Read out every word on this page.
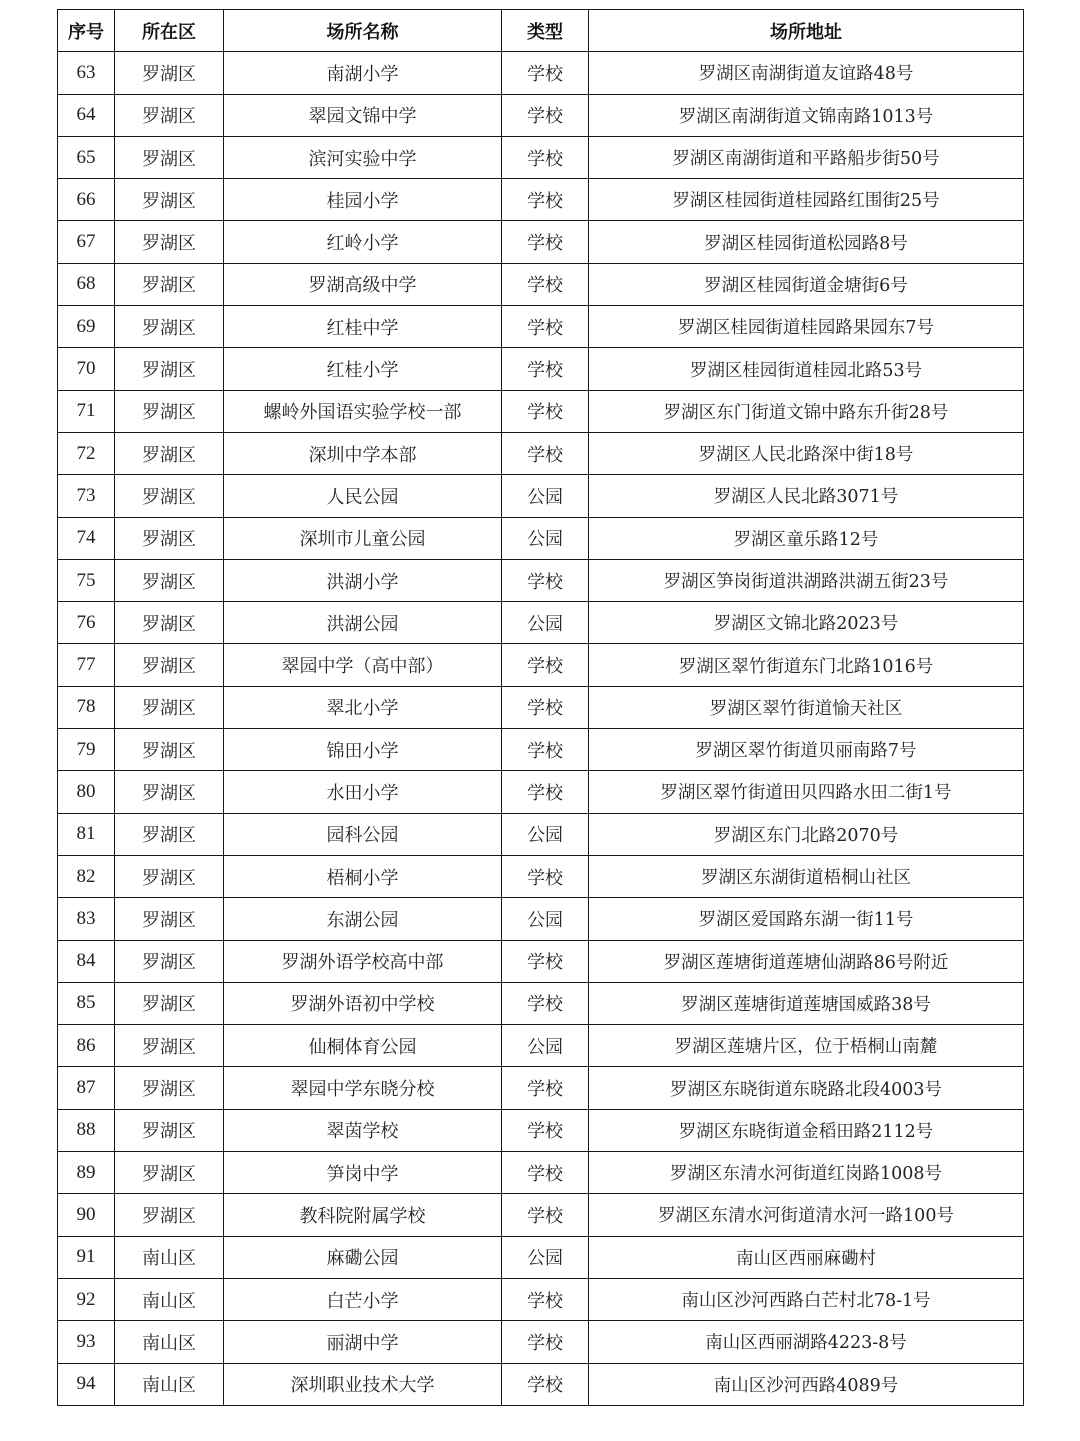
序号	所在区	场所名称	类型	场所地址
63	罗湖区	南湖小学	学校	罗湖区南湖街道友谊路48号
64	罗湖区	翠园文锦中学	学校	罗湖区南湖街道文锦南路1013号
65	罗湖区	滨河实验中学	学校	罗湖区南湖街道和平路船步街50号
66	罗湖区	桂园小学	学校	罗湖区桂园街道桂园路红围街25号
67	罗湖区	红岭小学	学校	罗湖区桂园街道松园路8号
68	罗湖区	罗湖高级中学	学校	罗湖区桂园街道金塘街6号
69	罗湖区	红桂中学	学校	罗湖区桂园街道桂园路果园东7号
70	罗湖区	红桂小学	学校	罗湖区桂园街道桂园北路53号
71	罗湖区	螺岭外国语实验学校一部	学校	罗湖区东门街道文锦中路东升街28号
72	罗湖区	深圳中学本部	学校	罗湖区人民北路深中街18号
73	罗湖区	人民公园	公园	罗湖区人民北路3071号
74	罗湖区	深圳市儿童公园	公园	罗湖区童乐路12号
75	罗湖区	洪湖小学	学校	罗湖区笋岗街道洪湖路洪湖五街23号
76	罗湖区	洪湖公园	公园	罗湖区文锦北路2023号
77	罗湖区	翠园中学（高中部）	学校	罗湖区翠竹街道东门北路1016号
78	罗湖区	翠北小学	学校	罗湖区翠竹街道愉天社区
79	罗湖区	锦田小学	学校	罗湖区翠竹街道贝丽南路7号
80	罗湖区	水田小学	学校	罗湖区翠竹街道田贝四路水田二街1号
81	罗湖区	园科公园	公园	罗湖区东门北路2070号
82	罗湖区	梧桐小学	学校	罗湖区东湖街道梧桐山社区
83	罗湖区	东湖公园	公园	罗湖区爱国路东湖一街11号
84	罗湖区	罗湖外语学校高中部	学校	罗湖区莲塘街道莲塘仙湖路86号附近
85	罗湖区	罗湖外语初中学校	学校	罗湖区莲塘街道莲塘国威路38号
86	罗湖区	仙桐体育公园	公园	罗湖区莲塘片区，位于梧桐山南麓
87	罗湖区	翠园中学东晓分校	学校	罗湖区东晓街道东晓路北段4003号
88	罗湖区	翠茵学校	学校	罗湖区东晓街道金稻田路2112号
89	罗湖区	笋岗中学	学校	罗湖区东清水河街道红岗路1008号
90	罗湖区	教科院附属学校	学校	罗湖区东清水河街道清水河一路100号
91	南山区	麻磡公园	公园	南山区西丽麻磡村
92	南山区	白芒小学	学校	南山区沙河西路白芒村北78-1号
93	南山区	丽湖中学	学校	南山区西丽湖路4223-8号
94	南山区	深圳职业技术大学	学校	南山区沙河西路4089号
